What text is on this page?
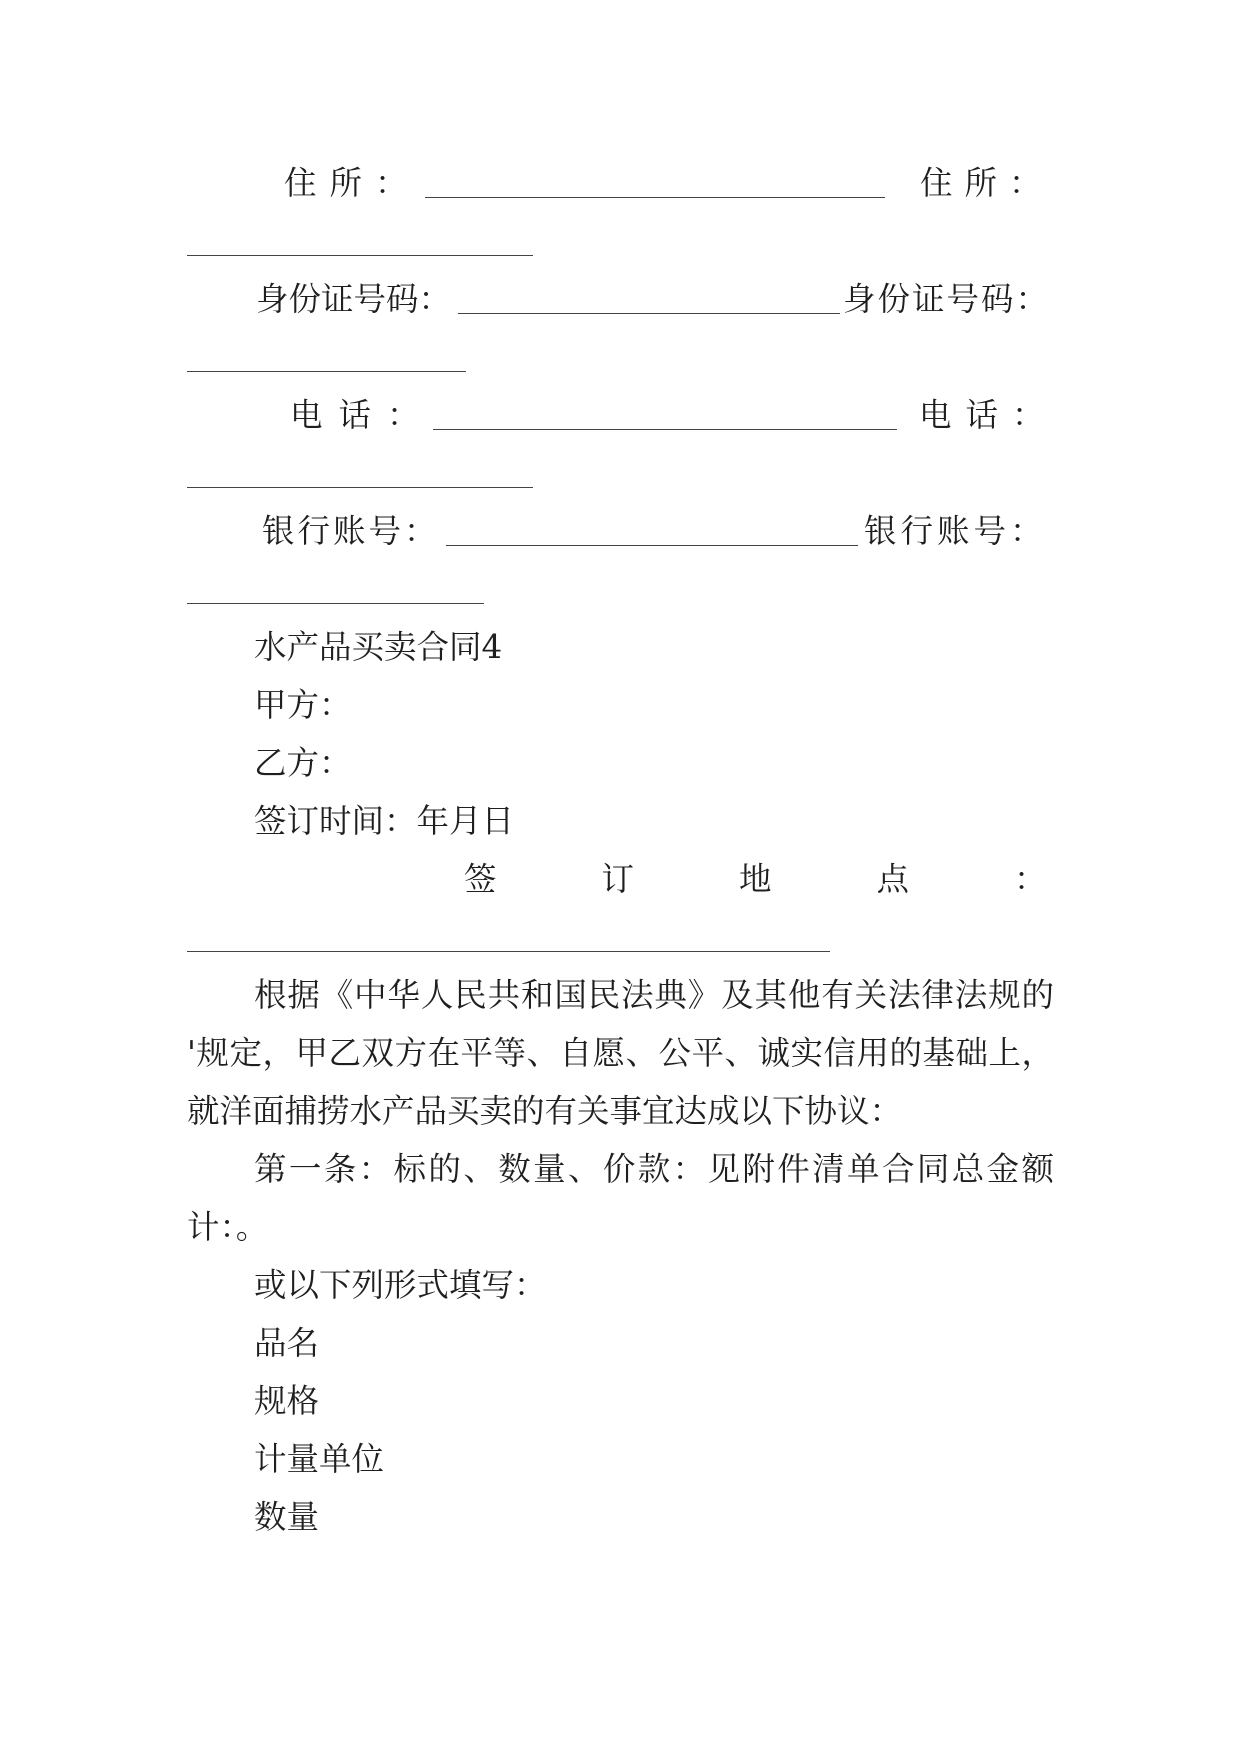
住所：	住所：
身份证号码：	身份证号码：
电话：	电话：
银行账号：	银行账号：
水产品买卖合同4
甲方：
乙方：
签订时间：年月日
签订地点：
根据《中华人民共和国民法典》及其他有关法律法规的
'规定，甲乙双方在平等、自愿、公平、诚实信用的基础上，
就洋面捕捞水产品买卖的有关事宜达成以下协议：
第一条：标的、数量、价款：见附件清单合同总金额
计：。
或以下列形式填写：
品名
规格
计量单位
数量
